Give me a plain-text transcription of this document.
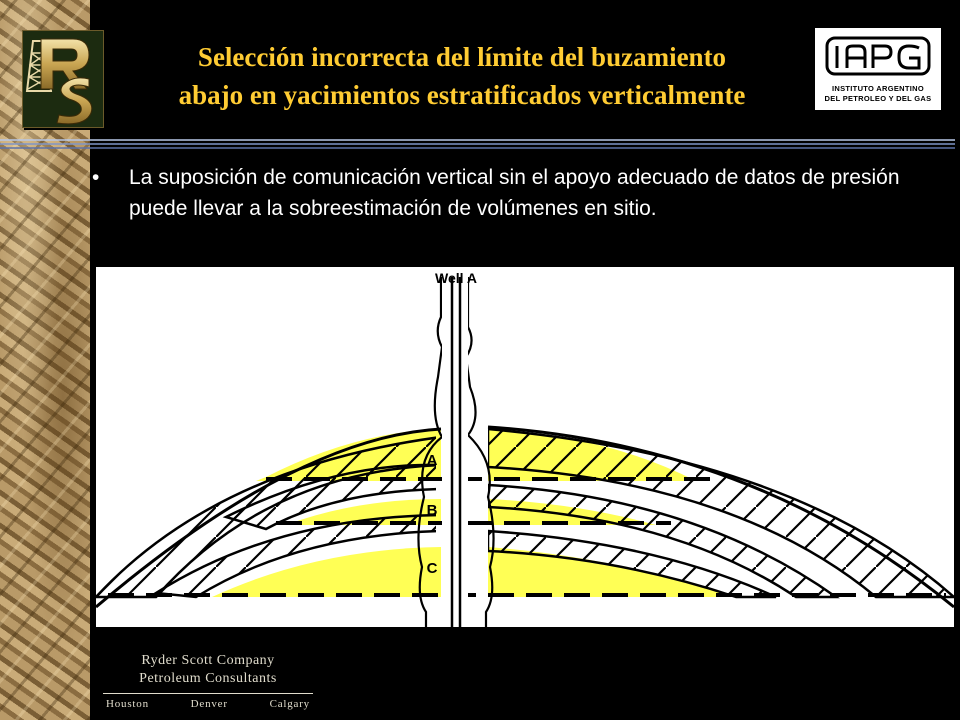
Selección incorrecta del límite del buzamiento
abajo en yacimientos estratificados verticalmente	INSTITUTO ARGENTINO
DEL PETROLEO Y DEL GAS
• La suposición de comunicación vertical sin el apoyo adecuado de datos de presión puede llevar a la sobreestimación de volúmenes en sitio.
Well A
A
B
C
Ryder Scott Company
Petroleum Consultants
Houston	Denver	Calgary
